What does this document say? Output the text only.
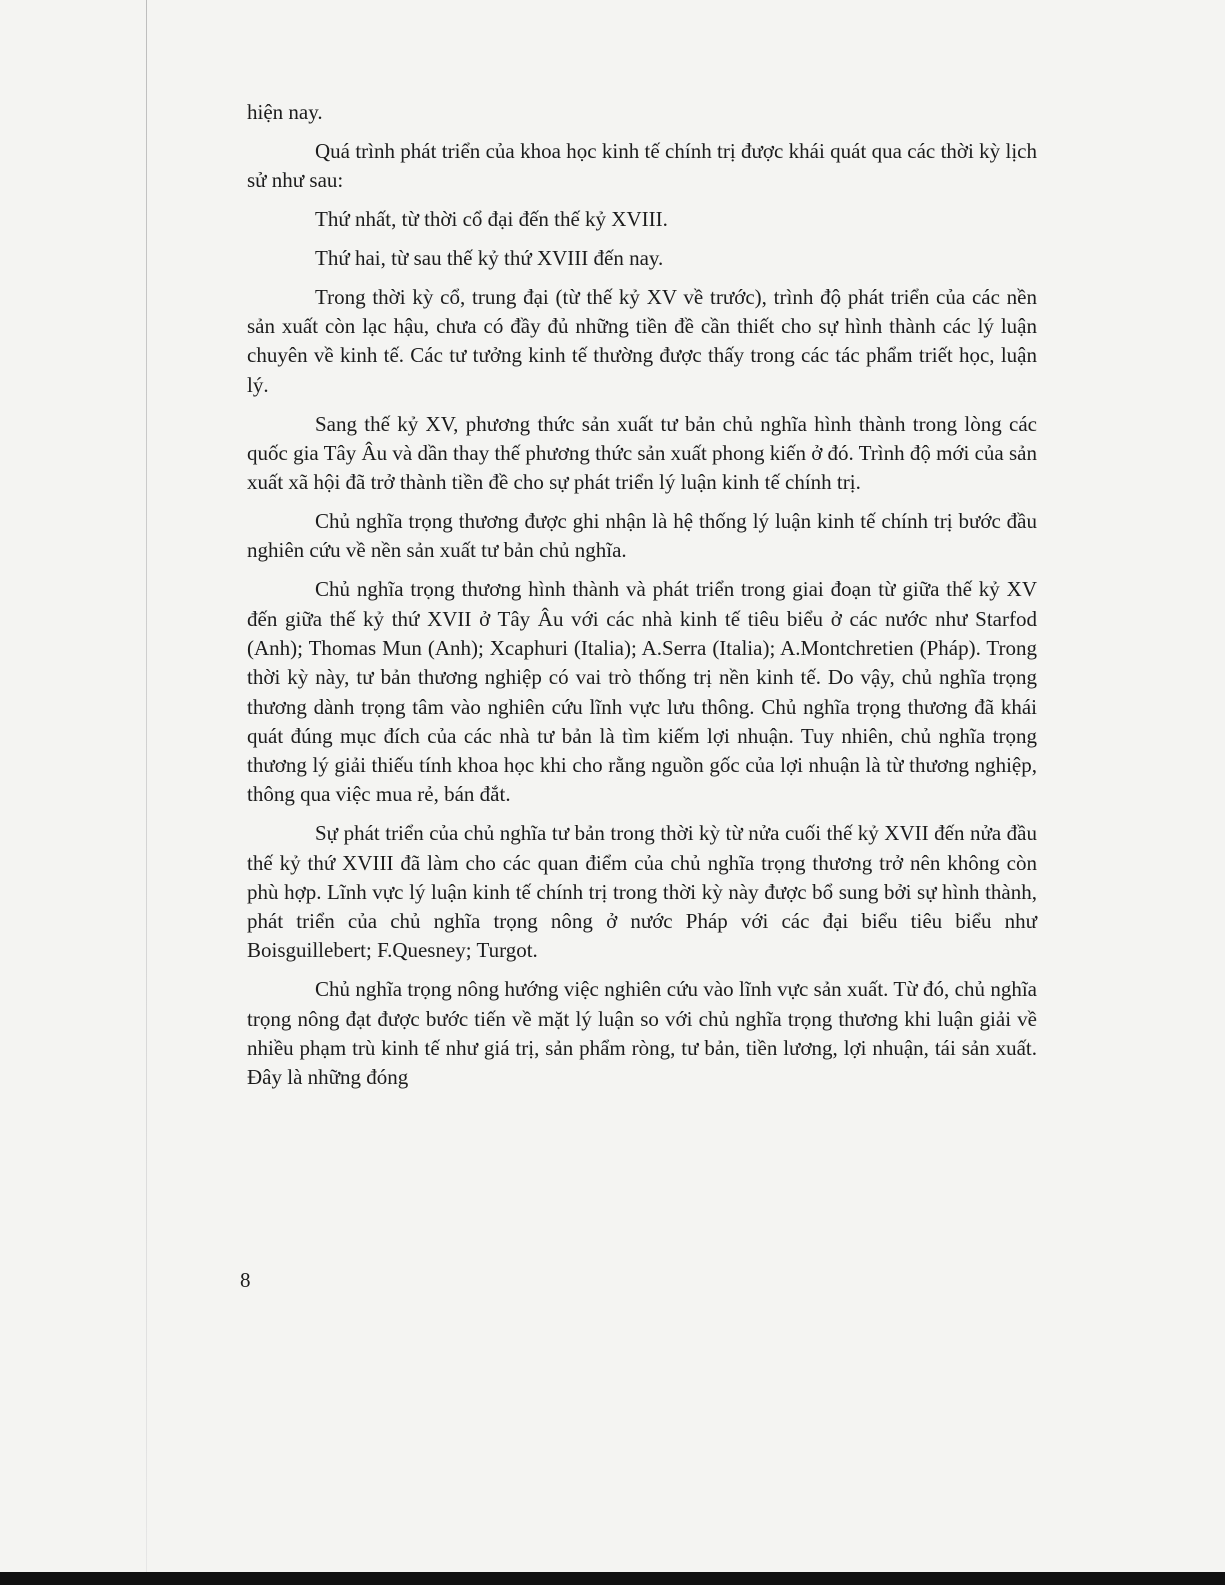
hiện nay.

Quá trình phát triển của khoa học kinh tế chính trị được khái quát qua các thời kỳ lịch sử như sau:

Thứ nhất, từ thời cổ đại đến thế kỷ XVIII.

Thứ hai, từ sau thế kỷ thứ XVIII đến nay.

Trong thời kỳ cổ, trung đại (từ thế kỷ XV về trước), trình độ phát triển của các nền sản xuất còn lạc hậu, chưa có đầy đủ những tiền đề cần thiết cho sự hình thành các lý luận chuyên về kinh tế. Các tư tưởng kinh tế thường được thấy trong các tác phẩm triết học, luận lý.

Sang thế kỷ XV, phương thức sản xuất tư bản chủ nghĩa hình thành trong lòng các quốc gia Tây Âu và dần thay thế phương thức sản xuất phong kiến ở đó. Trình độ mới của sản xuất xã hội đã trở thành tiền đề cho sự phát triển lý luận kinh tế chính trị.

Chủ nghĩa trọng thương được ghi nhận là hệ thống lý luận kinh tế chính trị bước đầu nghiên cứu về nền sản xuất tư bản chủ nghĩa.

Chủ nghĩa trọng thương hình thành và phát triển trong giai đoạn từ giữa thế kỷ XV đến giữa thế kỷ thứ XVII ở Tây Âu với các nhà kinh tế tiêu biểu ở các nước như Starfod (Anh); Thomas Mun (Anh); Xcaphuri (Italia); A.Serra (Italia); A.Montchretien (Pháp). Trong thời kỳ này, tư bản thương nghiệp có vai trò thống trị nền kinh tế. Do vậy, chủ nghĩa trọng thương dành trọng tâm vào nghiên cứu lĩnh vực lưu thông. Chủ nghĩa trọng thương đã khái quát đúng mục đích của các nhà tư bản là tìm kiếm lợi nhuận. Tuy nhiên, chủ nghĩa trọng thương lý giải thiếu tính khoa học khi cho rằng nguồn gốc của lợi nhuận là từ thương nghiệp, thông qua việc mua rẻ, bán đắt.

Sự phát triển của chủ nghĩa tư bản trong thời kỳ từ nửa cuối thế kỷ XVII đến nửa đầu thế kỷ thứ XVIII đã làm cho các quan điểm của chủ nghĩa trọng thương trở nên không còn phù hợp. Lĩnh vực lý luận kinh tế chính trị trong thời kỳ này được bổ sung bởi sự hình thành, phát triển của chủ nghĩa trọng nông ở nước Pháp với các đại biểu tiêu biểu như Boisguillebert; F.Quesney; Turgot.

Chủ nghĩa trọng nông hướng việc nghiên cứu vào lĩnh vực sản xuất. Từ đó, chủ nghĩa trọng nông đạt được bước tiến về mặt lý luận so với chủ nghĩa trọng thương khi luận giải về nhiều phạm trù kinh tế như giá trị, sản phẩm ròng, tư bản, tiền lương, lợi nhuận, tái sản xuất. Đây là những đóng

8
